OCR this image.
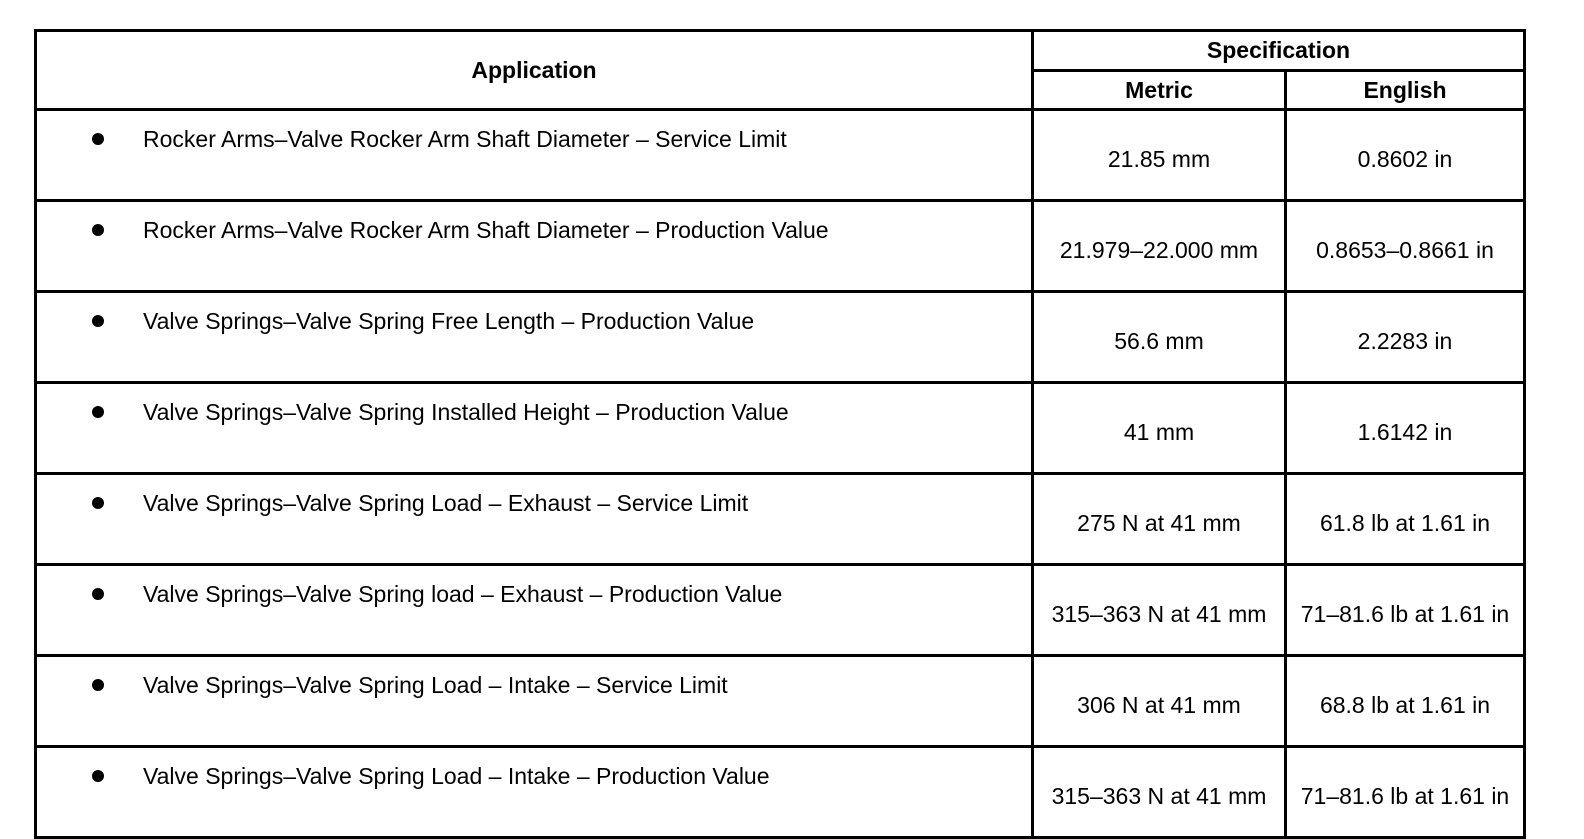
Application	Specification	
	Metric	English

Rocker Arms–Valve Rocker Arm Shaft Diameter – Service Limit	21.85 mm	0.8602 in

Rocker Arms–Valve Rocker Arm Shaft Diameter – Production Value	21.979–22.000 mm	0.8653–0.8661 in

Valve Springs–Valve Spring Free Length – Production Value	56.6 mm	2.2283 in

Valve Springs–Valve Spring Installed Height – Production Value	41 mm	1.6142 in

Valve Springs–Valve Spring Load – Exhaust – Service Limit	275 N at 41 mm	61.8 lb at 1.61 in

Valve Springs–Valve Spring load – Exhaust – Production Value	315–363 N at 41 mm	71–81.6 lb at 1.61 in

Valve Springs–Valve Spring Load – Intake – Service Limit	306 N at 41 mm	68.8 lb at 1.61 in

Valve Springs–Valve Spring Load – Intake – Production Value	315–363 N at 41 mm	71–81.6 lb at 1.61 in
